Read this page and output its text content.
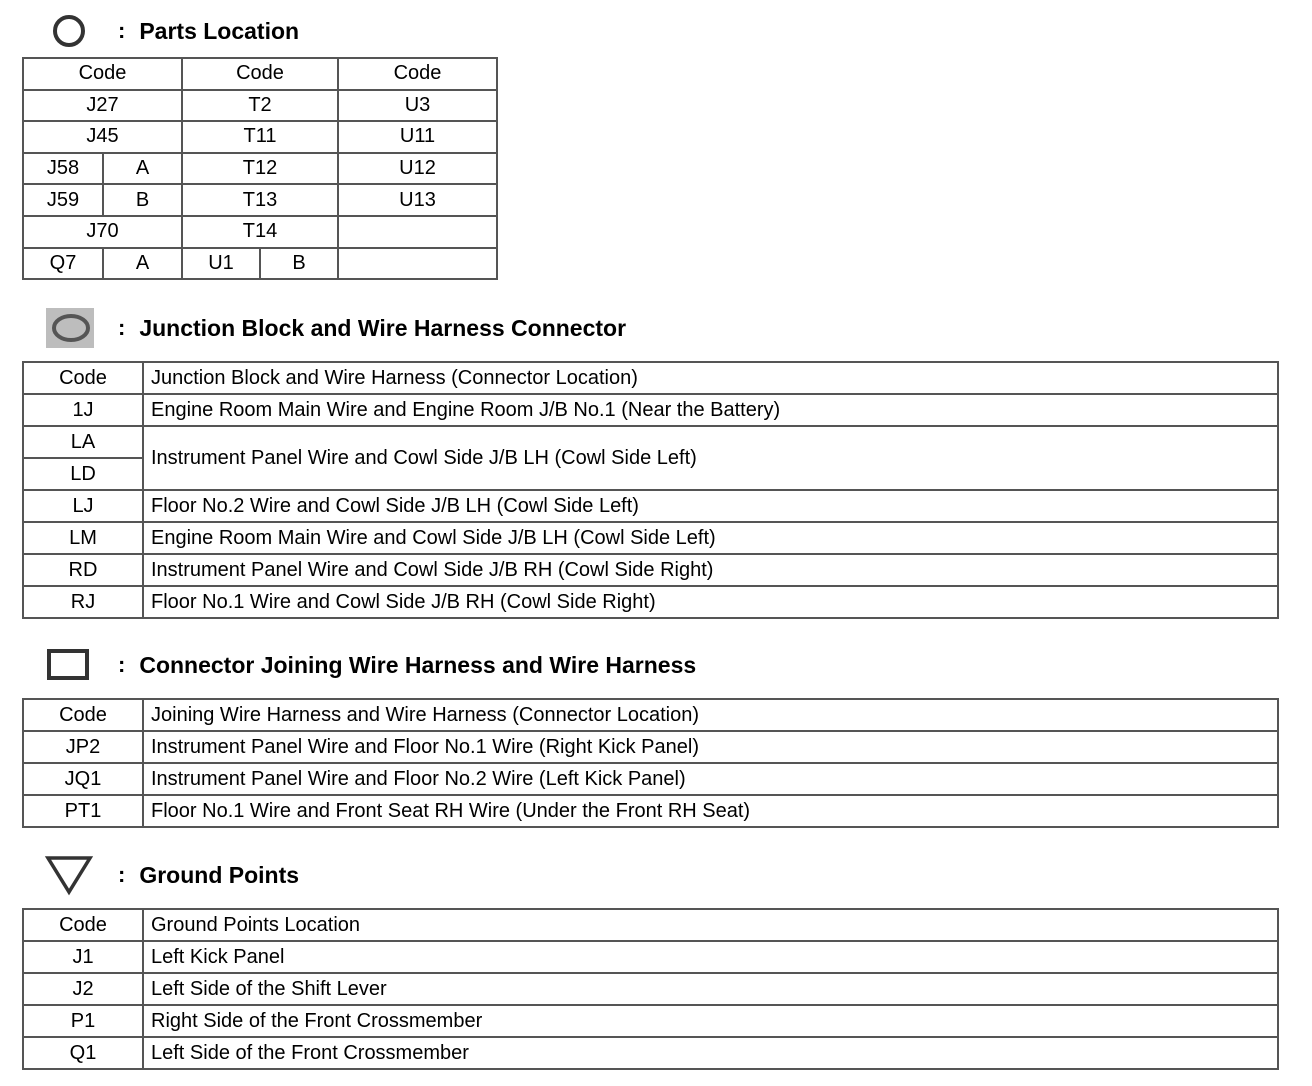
: Parts Location
Code		Code		Code
J27		T2		U3
J45		T11		U11
J58	A	T12		U12
J59	B	T13		U13
J70		T14		
Q7	A	U1	B	
: Junction Block and Wire Harness Connector
Code	Junction Block and Wire Harness (Connector Location)
1J	Engine Room Main Wire and Engine Room J/B No.1 (Near the Battery)
LA	Instrument Panel Wire and Cowl Side J/B LH (Cowl Side Left)
LD	
LJ	Floor No.2 Wire and Cowl Side J/B LH (Cowl Side Left)
LM	Engine Room Main Wire and Cowl Side J/B LH (Cowl Side Left)
RD	Instrument Panel Wire and Cowl Side J/B RH (Cowl Side Right)
RJ	Floor No.1 Wire and Cowl Side J/B RH (Cowl Side Right)
: Connector Joining Wire Harness and Wire Harness
Code	Joining Wire Harness and Wire Harness (Connector Location)
JP2	Instrument Panel Wire and Floor No.1 Wire (Right Kick Panel)
JQ1	Instrument Panel Wire and Floor No.2 Wire (Left Kick Panel)
PT1	Floor No.1 Wire and Front Seat RH Wire (Under the Front RH Seat)
: Ground Points
Code	Ground Points Location
J1	Left Kick Panel
J2	Left Side of the Shift Lever
P1	Right Side of the Front Crossmember
Q1	Left Side of the Front Crossmember
